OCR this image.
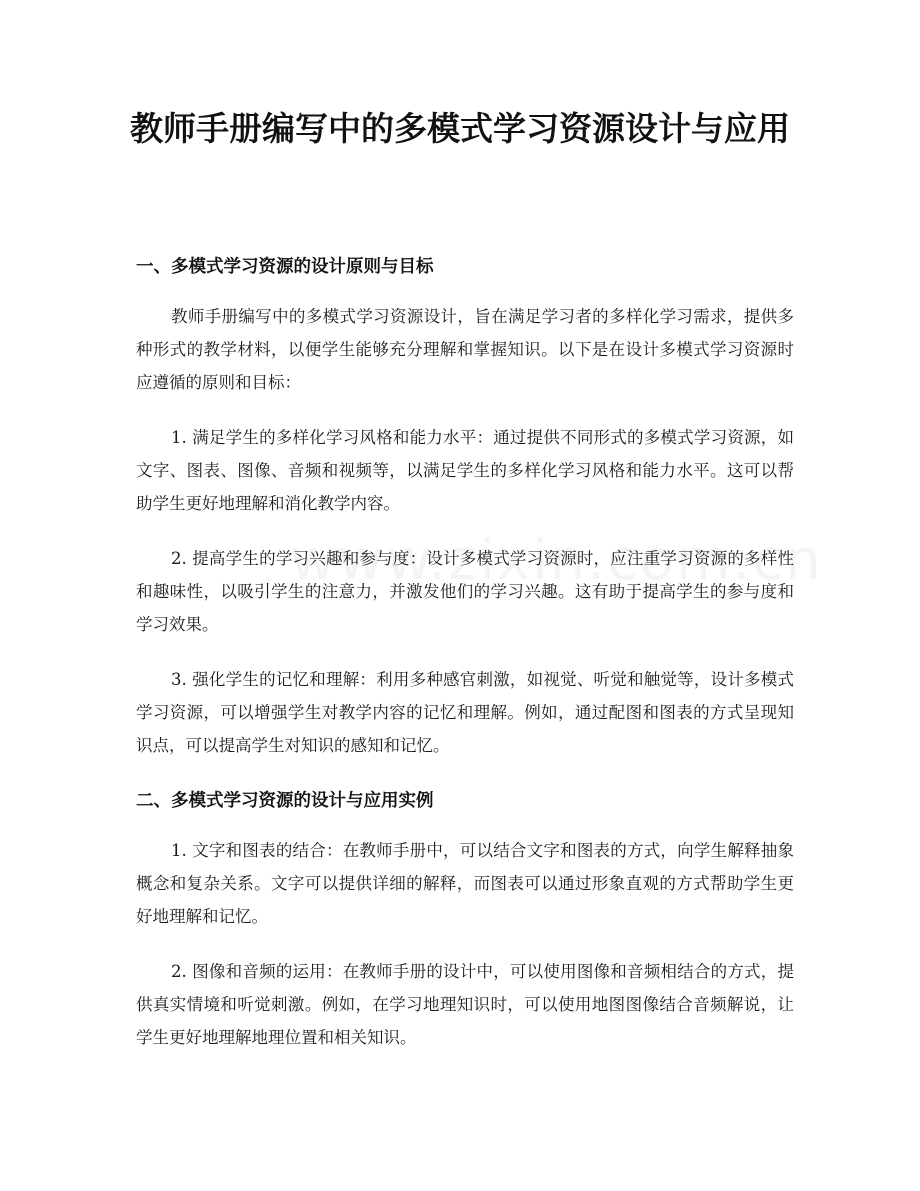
教师手册编写中的多模式学习资源设计与应用
一、多模式学习资源的设计原则与目标

教师手册编写中的多模式学习资源设计，旨在满足学习者的多样化学习需求，提供多种形式的教学材料，以便学生能够充分理解和掌握知识。以下是在设计多模式学习资源时应遵循的原则和目标：

1. 满足学生的多样化学习风格和能力水平：通过提供不同形式的多模式学习资源，如文字、图表、图像、音频和视频等，以满足学生的多样化学习风格和能力水平。这可以帮助学生更好地理解和消化教学内容。

2. 提高学生的学习兴趣和参与度：设计多模式学习资源时，应注重学习资源的多样性和趣味性，以吸引学生的注意力，并激发他们的学习兴趣。这有助于提高学生的参与度和学习效果。

3. 强化学生的记忆和理解：利用多种感官刺激，如视觉、听觉和触觉等，设计多模式学习资源，可以增强学生对教学内容的记忆和理解。例如，通过配图和图表的方式呈现知识点，可以提高学生对知识的感知和记忆。

二、多模式学习资源的设计与应用实例

1. 文字和图表的结合：在教师手册中，可以结合文字和图表的方式，向学生解释抽象概念和复杂关系。文字可以提供详细的解释，而图表可以通过形象直观的方式帮助学生更好地理解和记忆。

2. 图像和音频的运用：在教师手册的设计中，可以使用图像和音频相结合的方式，提供真实情境和听觉刺激。例如，在学习地理知识时，可以使用地图图像结合音频解说，让学生更好地理解地理位置和相关知识。
